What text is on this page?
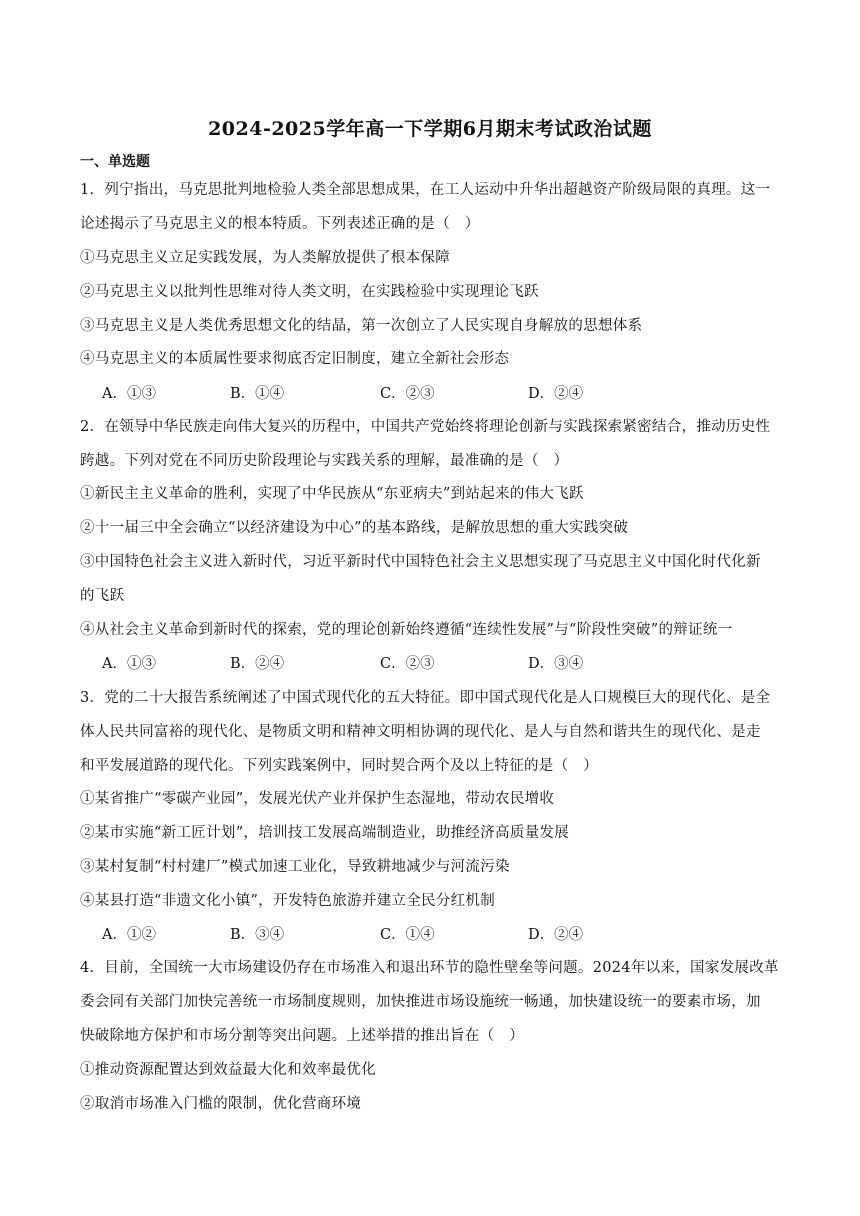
2024-2025学年高一下学期6月期末考试政治试题
一、单选题
1．列宁指出，马克思批判地检验人类全部思想成果，在工人运动中升华出超越资产阶级局限的真理。这一
论述揭示了马克思主义的根本特质。下列表述正确的是（　）
①马克思主义立足实践发展，为人类解放提供了根本保障
②马克思主义以批判性思维对待人类文明，在实践检验中实现理论飞跃
③马克思主义是人类优秀思想文化的结晶，第一次创立了人民实现自身解放的思想体系
④马克思主义的本质属性要求彻底否定旧制度，建立全新社会形态
A．①③	B．①④	C．②③	D．②④
2．在领导中华民族走向伟大复兴的历程中，中国共产党始终将理论创新与实践探索紧密结合，推动历史性
跨越。下列对党在不同历史阶段理论与实践关系的理解，最准确的是（　）
①新民主主义革命的胜利，实现了中华民族从“东亚病夫”到站起来的伟大飞跃
②十一届三中全会确立“以经济建设为中心”的基本路线，是解放思想的重大实践突破
③中国特色社会主义进入新时代，习近平新时代中国特色社会主义思想实现了马克思主义中国化时代化新
的飞跃
④从社会主义革命到新时代的探索，党的理论创新始终遵循“连续性发展”与“阶段性突破”的辩证统一
A．①③	B．②④	C．②③	D．③④
3．党的二十大报告系统阐述了中国式现代化的五大特征。即中国式现代化是人口规模巨大的现代化、是全
体人民共同富裕的现代化、是物质文明和精神文明相协调的现代化、是人与自然和谐共生的现代化、是走
和平发展道路的现代化。下列实践案例中，同时契合两个及以上特征的是（　）
①某省推广“零碳产业园”，发展光伏产业并保护生态湿地，带动农民增收
②某市实施“新工匠计划”，培训技工发展高端制造业，助推经济高质量发展
③某村复制“村村建厂”模式加速工业化，导致耕地减少与河流污染
④某县打造“非遗文化小镇”，开发特色旅游并建立全民分红机制
A．①②	B．③④	C．①④	D．②④
4．目前，全国统一大市场建设仍存在市场准入和退出环节的隐性壁垒等问题。2024年以来，国家发展改革
委会同有关部门加快完善统一市场制度规则，加快推进市场设施统一畅通，加快建设统一的要素市场，加
快破除地方保护和市场分割等突出问题。上述举措的推出旨在（　）
①推动资源配置达到效益最大化和效率最优化
②取消市场准入门槛的限制，优化营商环境
